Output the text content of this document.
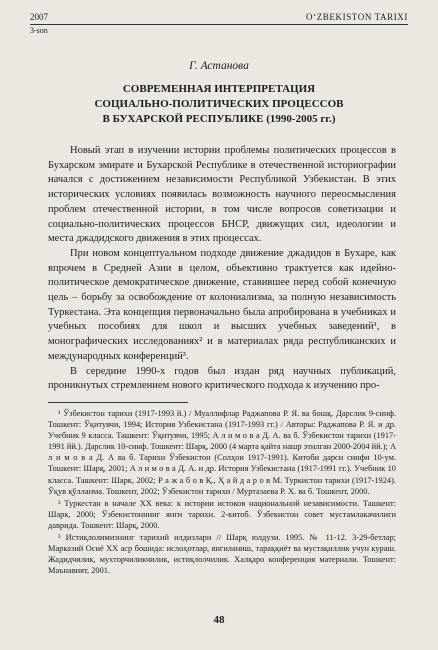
2007	O‘ZBEKISTON TARIXI
3-son
Г. Астанова
СОВРЕМЕННАЯ ИНТЕРПРЕТАЦИЯ
СОЦИАЛЬНО-ПОЛИТИЧЕСКИХ ПРОЦЕССОВ
В БУХАРСКОЙ РЕСПУБЛИКЕ (1990-2005 гг.)

Новый этап в изучении истории проблемы политических процессов в Бухарском эмирате и Бухарской Республике в отечественной историографии начался с достижением независимости Республикой Узбекистан. В этих исторических условиях появилась возможность научного переосмысления проблем отечественной истории, в том числе вопросов советизации и социально-политических процессов БНСР, движущих сил, идеологии и места джадидского движения в этих процессах.

При новом концептуальном подходе движение джадидов в Бухаре, как впрочем в Средней Азии в целом, объективно трактуется как идейно-политическое демократическое движение, ставившее перед собой конечную цель – борьбу за освобождение от колониализма, за полную независимость Туркестана. Эта концепция первоначально была апробирована в учебниках и учебных пособиях для школ и высших учебных заведений¹, в монографических исследованиях² и в материалах ряда республиканских и международных конференций³.

В середине 1990-х годов был издан ряд научных публикаций, проникнутых стремлением нового критического подхода к изучению про-

¹ Ўзбекистон тарихи (1917-1993 й.) / Муаллифлар Раджапова Р. Я. ва бошқ. Дарслик 9-синф. Тошкент: Ўқитувчи, 1994; История Узбекистана (1917-1993 гг.) / Авторы: Раджапова Р. Я. и др. Учебник 9 класса. Ташкент: Ўқитувчи, 1995; А л и м о в а Д. А. ва б. Ўзбекистон тарихи (1917-1991 йй.). Дарслик 10-синф. Тошкент: Шарқ, 2000 (4 марта қайта нашр этилган 2000-2004 йй.); А л и м о в а Д. А ва б. Тарихи Ўзбекистон (Солҳои 1917-1991). Китоби дарси синфи 10-ум. Тошкент: Шарқ, 2001; А л и м о в а Д. А. и др. История Узбекистана (1917-1991 гг.). Учебник 10 класса. Ташкент: Шарк, 2002; Р а ж а б о в Қ., Ҳ а й д а р о в М. Туркистон тарихи (1917-1924). Ўқув қўлланма. Тошкент, 2002; Ўзбекистон тарихи / Муртазаева Р. Х. ва б. Тошкент, 2000.

² Туркестан в начале XX века: к истории истоков национальной независимости. Ташкент: Шарк, 2000; Ўзбекистоннинг янги тарихи. 2-китоб. Ўзбекистон совет мустамлакачилиги даврида. Тошкент: Шарқ, 2000.

³ Истиқлолимизнинг тарихий илдизлари // Шарқ юлдузи. 1995. № 11-12. 3-29-бетлар; Марказий Осиё XX аср бошида: ислоҳотлар, янгиланиш, тараққиёт ва мустақиллик учун кураш. Жадидчилик, мухторчиликчилик, истиқлолчилик. Халқаро конференция материали. Тошкент: Маънавият, 2001.

48
